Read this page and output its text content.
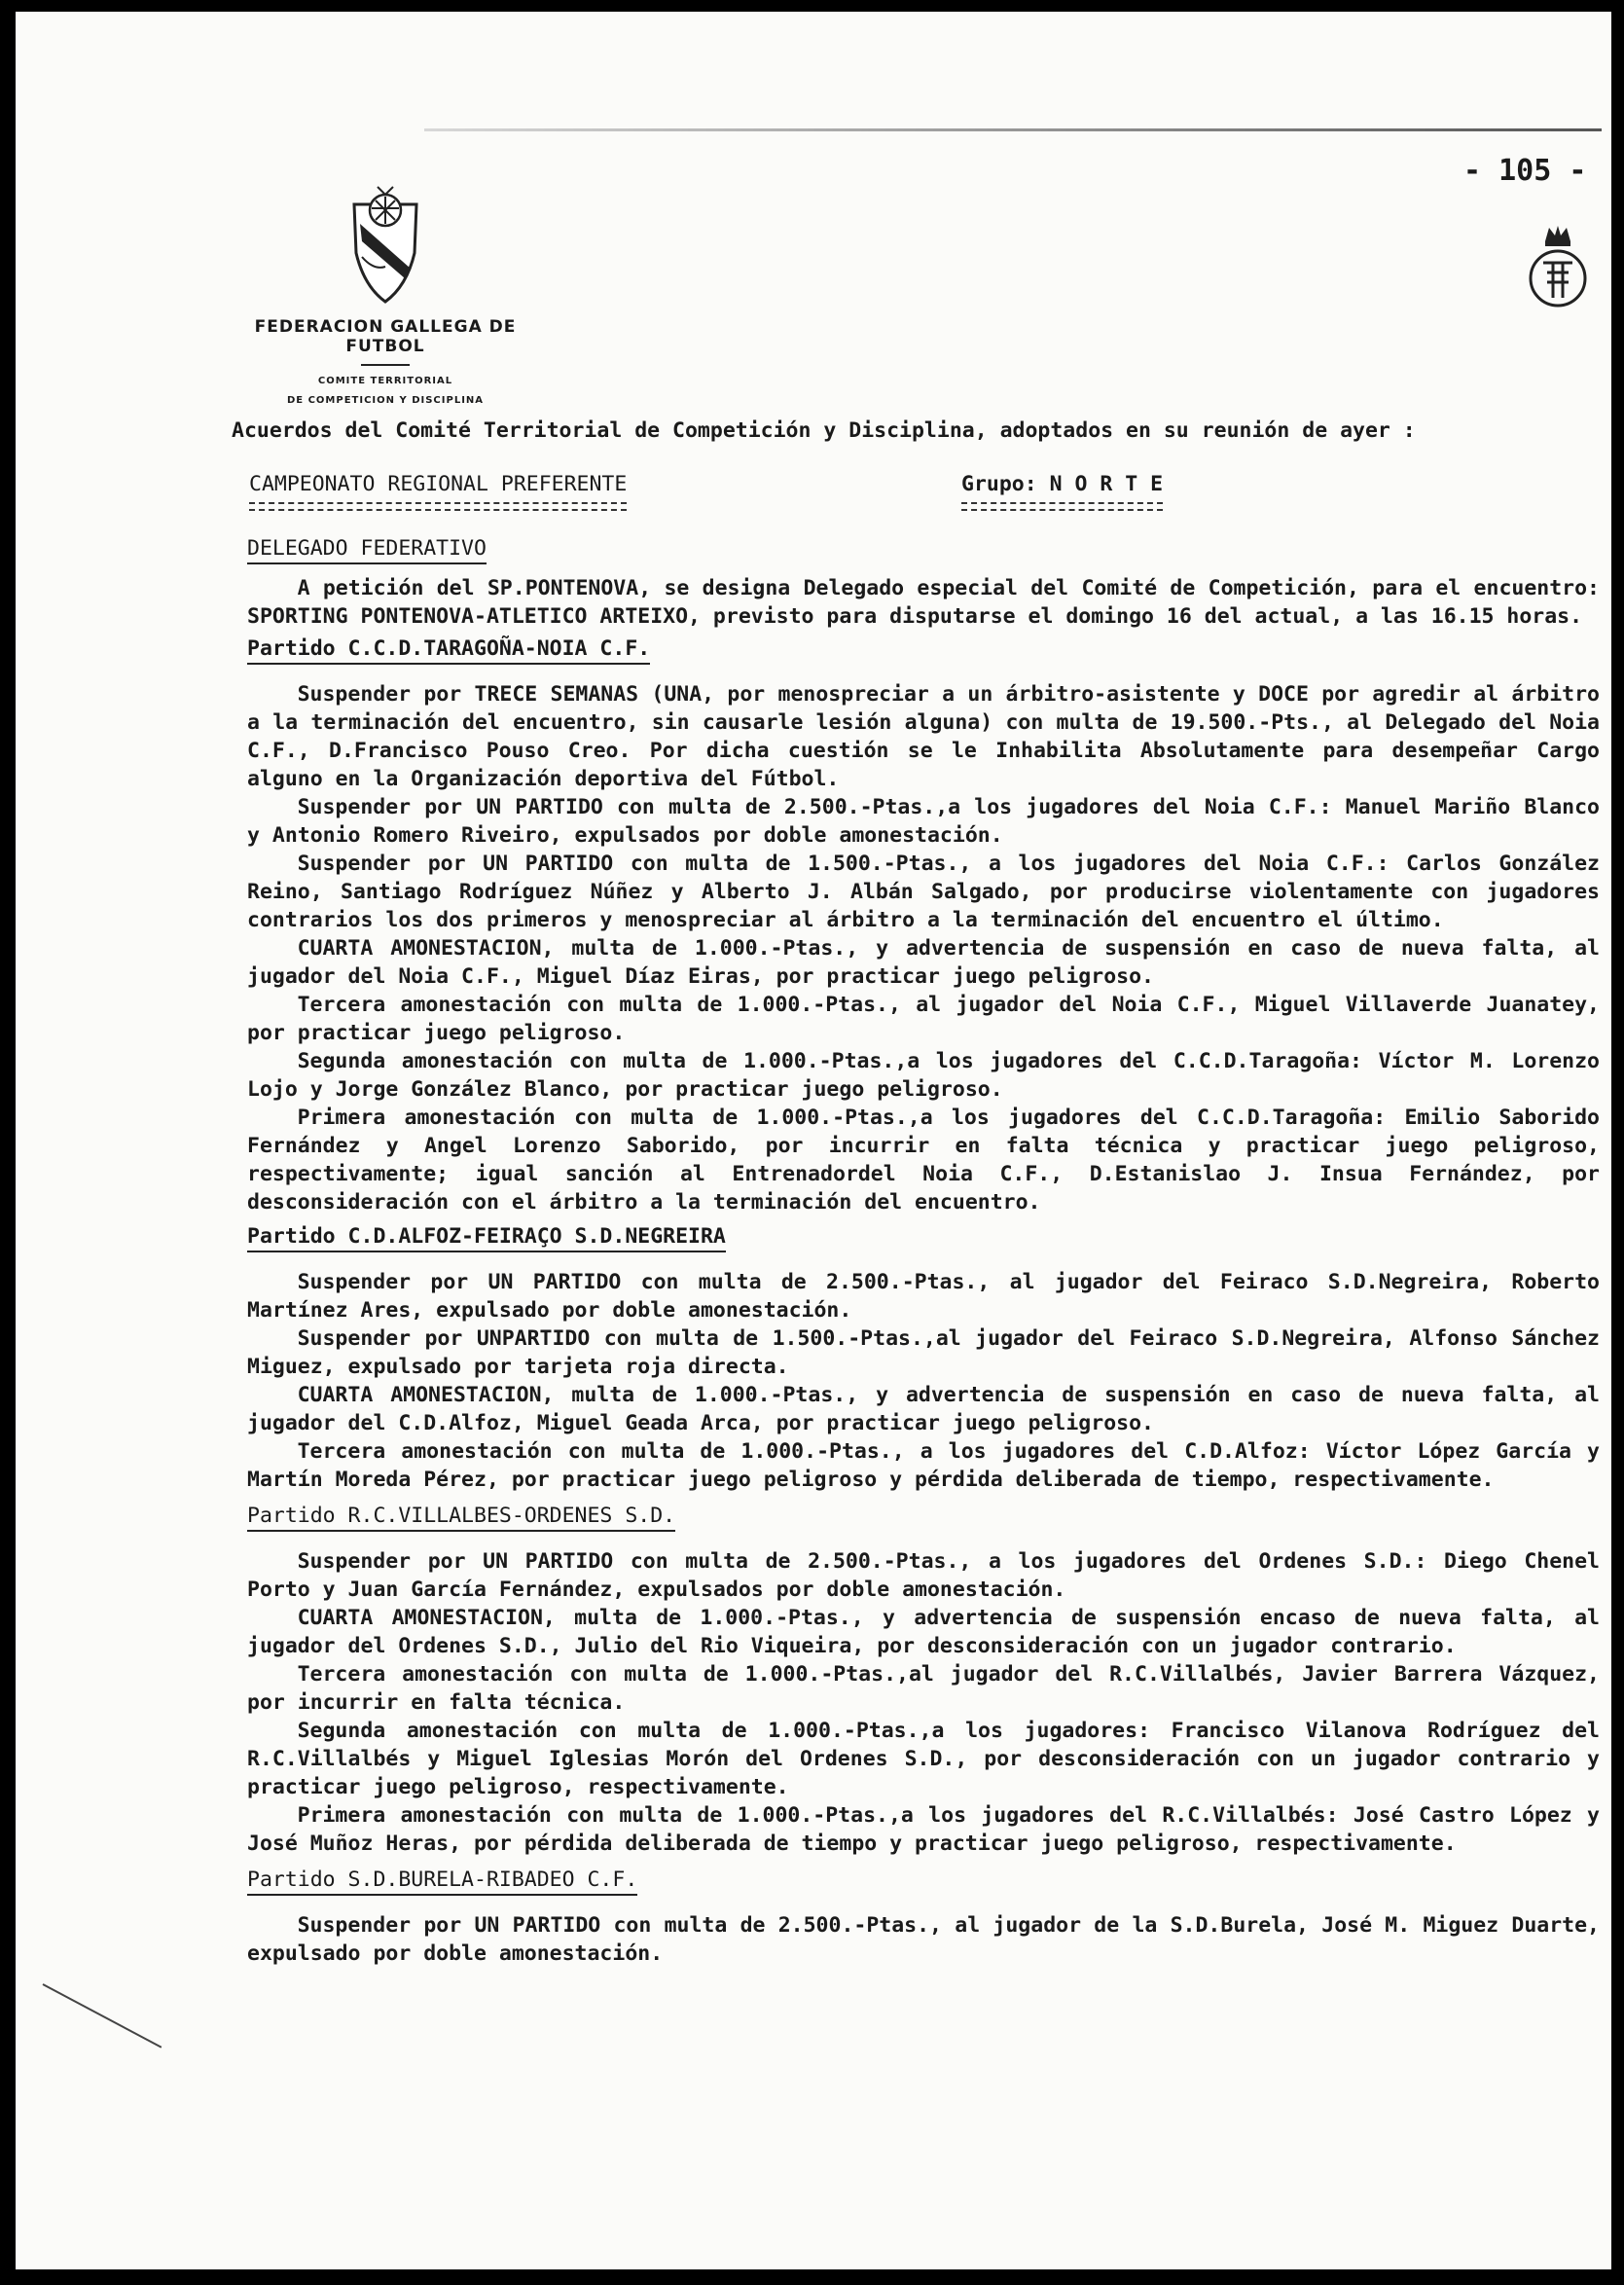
- 105 -
FEDERACION GALLEGA DE FUTBOL
COMITE TERRITORIAL
DE COMPETICION Y DISCIPLINA

Acuerdos del Comité Territorial de Competición y Disciplina, adoptados en su reunión de ayer :

CAMPEONATO REGIONAL PREFERENTE	Grupo: N O R T E
DELEGADO FEDERATIVO

A petición del SP.PONTENOVA, se designa Delegado especial del Comité de Competición, para el encuentro: SPORTING PONTENOVA-ATLETICO ARTEIXO, previsto para disputarse el domingo 16 del actual, a las 16.15 horas.

Partido C.C.D.TARAGOÑA-NOIA C.F.

Suspender por TRECE SEMANAS (UNA, por menospreciar a un árbitro-asistente y DOCE por agredir al árbitro a la terminación del encuentro, sin causarle lesión alguna) con multa de 19.500.-Pts., al Delegado del Noia C.F., D.Francisco Pouso Creo. Por dicha cuestión se le Inhabilita Absolutamente para desempeñar Cargo alguno en la Organización deportiva del Fútbol.

Suspender por UN PARTIDO con multa de 2.500.-Ptas.,a los jugadores del Noia C.F.: Manuel Mariño Blanco y Antonio Romero Riveiro, expulsados por doble amonestación.

Suspender por UN PARTIDO con multa de 1.500.-Ptas., a los jugadores del Noia C.F.: Carlos González Reino, Santiago Rodríguez Núñez y Alberto J. Albán Salgado, por producirse violentamente con jugadores contrarios los dos primeros y menospreciar al árbitro a la terminación del encuentro el último.

CUARTA AMONESTACION, multa de 1.000.-Ptas., y advertencia de suspensión en caso de nueva falta, al jugador del Noia C.F., Miguel Díaz Eiras, por practicar juego peligroso.

Tercera amonestación con multa de 1.000.-Ptas., al jugador del Noia C.F., Miguel Villaverde Juanatey, por practicar juego peligroso.

Segunda amonestación con multa de 1.000.-Ptas.,a los jugadores del C.C.D.Taragoña: Víctor M. Lorenzo Lojo y Jorge González Blanco, por practicar juego peligroso.

Primera amonestación con multa de 1.000.-Ptas.,a los jugadores del C.C.D.Taragoña: Emilio Saborido Fernández y Angel Lorenzo Saborido, por incurrir en falta técnica y practicar juego peligroso, respectivamente; igual sanción al Entrenadordel Noia C.F., D.Estanislao J. Insua Fernández, por desconsideración con el árbitro a la terminación del encuentro.

Partido C.D.ALFOZ-FEIRAÇO S.D.NEGREIRA

Suspender por UN PARTIDO con multa de 2.500.-Ptas., al jugador del Feiraco S.D.Negreira, Roberto Martínez Ares, expulsado por doble amonestación.

Suspender por UNPARTIDO con multa de 1.500.-Ptas.,al jugador del Feiraco S.D.Negreira, Alfonso Sánchez Miguez, expulsado por tarjeta roja directa.

CUARTA AMONESTACION, multa de 1.000.-Ptas., y advertencia de suspensión en caso de nueva falta, al jugador del C.D.Alfoz, Miguel Geada Arca, por practicar juego peligroso.

Tercera amonestación con multa de 1.000.-Ptas., a los jugadores del C.D.Alfoz: Víctor López García y Martín Moreda Pérez, por practicar juego peligroso y pérdida deliberada de tiempo, respectivamente.

Partido R.C.VILLALBES-ORDENES S.D.

Suspender por UN PARTIDO con multa de 2.500.-Ptas., a los jugadores del Ordenes S.D.: Diego Chenel Porto y Juan García Fernández, expulsados por doble amonestación.

CUARTA AMONESTACION, multa de 1.000.-Ptas., y advertencia de suspensión encaso de nueva falta, al jugador del Ordenes S.D., Julio del Rio Viqueira, por desconsideración con un jugador contrario.

Tercera amonestación con multa de 1.000.-Ptas.,al jugador del R.C.Villalbés, Javier Barrera Vázquez, por incurrir en falta técnica.

Segunda amonestación con multa de 1.000.-Ptas.,a los jugadores: Francisco Vilanova Rodríguez del R.C.Villalbés y Miguel Iglesias Morón del Ordenes S.D., por desconsideración con un jugador contrario y practicar juego peligroso, respectivamente.

Primera amonestación con multa de 1.000.-Ptas.,a los jugadores del R.C.Villalbés: José Castro López y José Muñoz Heras, por pérdida deliberada de tiempo y practicar juego peligroso, respectivamente.

Partido S.D.BURELA-RIBADEO C.F.

Suspender por UN PARTIDO con multa de 2.500.-Ptas., al jugador de la S.D.Burela, José M. Miguez Duarte, expulsado por doble amonestación.
